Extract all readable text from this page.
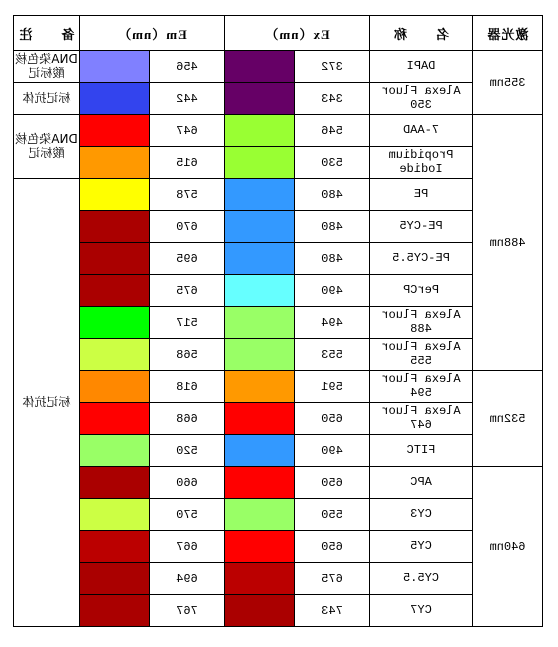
激光器	名　　称	Ex（nm）		Em（nm）		备　　注
355nm	DAPI	372		456		DNA染色核酸标记
	Alexa Fluor 350	343		442		标记抗体
488nm	7-AAD	546		647		DNA染色核酸标记
	Propidium Iodide	530		615		
	PE	480		578		标记抗体
	PE-CY5	480		670		
	PE-CY5.5	480		695		
	PerCP	490		675		
	Alexa Fluor 488	494		517		
	Alexa Fluor 555	553		568		
532nm	Alexa Fluor 594	591		618		
	Alexa Fluor 647	650		668		
	FITC	490		520		
640nm	APC	650		660		
	CY3	550		570		
	CY5	650		667		
	CY5.5	675		694		
	CY7	743		767		
